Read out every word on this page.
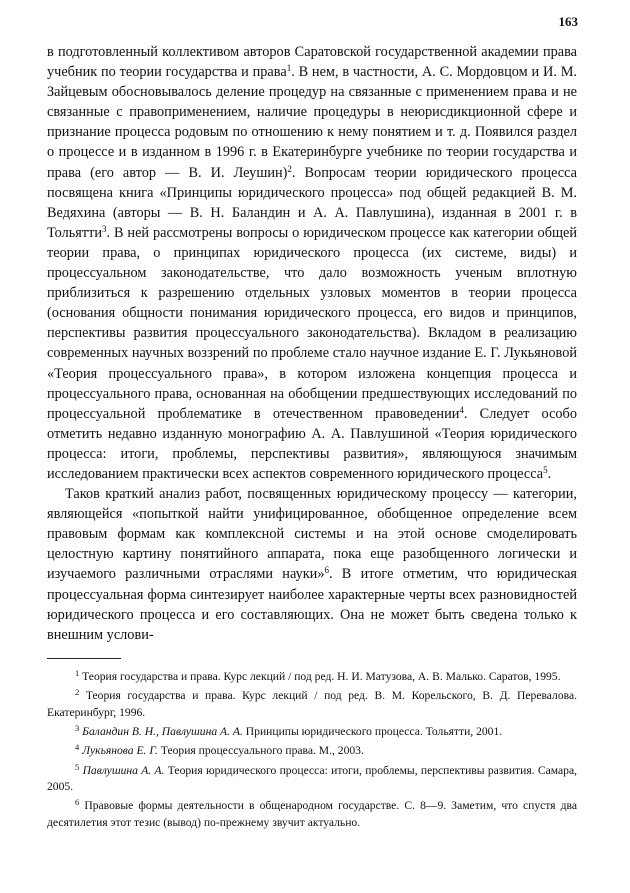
163

в подготовленный коллективом авторов Саратовской государственной академии права учебник по теории государства и права$^1$. В нем, в частности, А. С. Мордовцом и И. М. Зайцевым обосновывалось деление процедур на связанные с применением права и не связанные с правоприменением, наличие процедуры в неюрисдикционной сфере и признание процесса родовым по отношению к нему понятием и т. д. Появился раздел о процессе и в изданном в 1996 г. в Екатеринбурге учебнике по теории государства и права (его автор — В. И. Леушин)$^2$. Вопросам теории юридического процесса посвящена книга «Принципы юридического процесса» под общей редакцией В. М. Ведяхина (авторы — В. Н. Баландин и А. А. Павлушина), изданная в 2001 г. в Тольятти$^3$. В ней рассмотрены вопросы о юридическом процессе как категории общей теории права, о принципах юридического процесса (их системе, виды) и процессуальном законодательстве, что дало возможность ученым вплотную приблизиться к разрешению отдельных узловых моментов в теории процесса (основания общности понимания юридического процесса, его видов и принципов, перспективы развития процессуального законодательства). Вкладом в реализацию современных научных воззрений по проблеме стало научное издание Е. Г. Лукьяновой «Теория процессуального права», в котором изложена концепция процесса и процессуального права, основанная на обобщении предшествующих исследований по процессуальной проблематике в отечественном правоведении$^4$. Следует особо отметить недавно изданную монографию А. А. Павлушиной «Теория юридического процесса: итоги, проблемы, перспективы развития», являющуюся значимым исследованием практически всех аспектов современного юридического процесса$^5$.

Таков краткий анализ работ, посвященных юридическому процессу — категории, являющейся «попыткой найти унифицированное, обобщенное определение всем правовым формам как комплексной системы и на этой основе смоделировать целостную картину понятийного аппарата, пока еще разобщенного логически и изучаемого различными отраслями науки»$^6$. В итоге отметим, что юридическая процессуальная форма синтезирует наиболее характерные черты всех разновидностей юридического процесса и его составляющих. Она не может быть сведена только к внешним услови-

$^1$ Теория государства и права. Курс лекций / под ред. Н. И. Матузова, А. В. Малько. Саратов, 1995.

$^2$ Теория государства и права. Курс лекций / под ред. В. М. Корельского, В. Д. Перевалова. Екатеринбург, 1996.

$^3$ Баландин В. Н., Павлушина А. А. Принципы юридического процесса. Тольятти, 2001.

$^4$ Лукьянова Е. Г. Теория процессуального права. М., 2003.

$^5$ Павлушина А. А. Теория юридического процесса: итоги, проблемы, перспективы развития. Самара, 2005.

$^6$ Правовые формы деятельности в общенародном государстве. С. 8—9. Заметим, что спустя два десятилетия этот тезис (вывод) по-прежнему звучит актуально.
